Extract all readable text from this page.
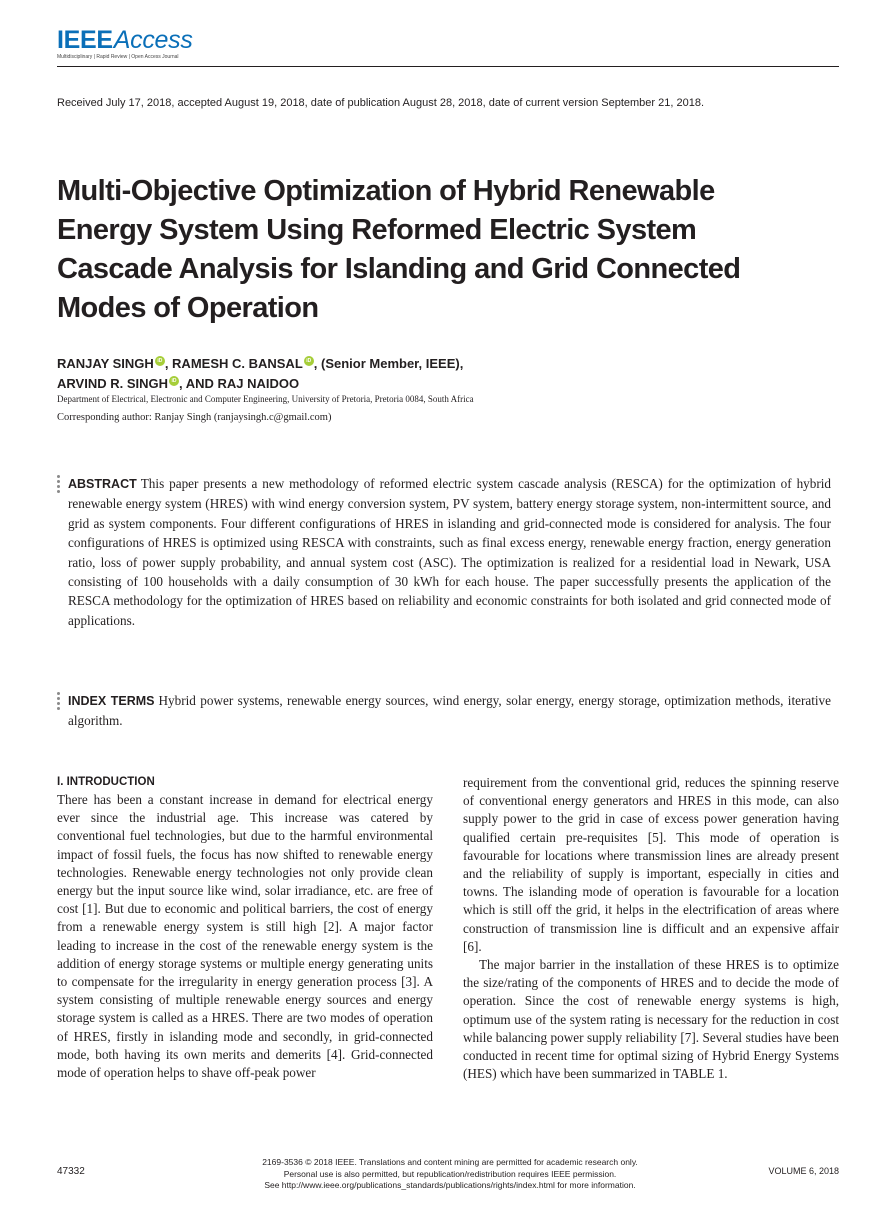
IEEEAccess
Multidisciplinary | Rapid Review | Open Access Journal
Received July 17, 2018, accepted August 19, 2018, date of publication August 28, 2018, date of current version September 21, 2018.
Multi-Objective Optimization of Hybrid Renewable Energy System Using Reformed Electric System Cascade Analysis for Islanding and Grid Connected Modes of Operation
RANJAY SINGH iD , RAMESH C. BANSAL iD , (Senior Member, IEEE),
ARVIND R. SINGH iD , AND RAJ NAIDOO
Department of Electrical, Electronic and Computer Engineering, University of Pretoria, Pretoria 0084, South Africa
Corresponding author: Ranjay Singh (ranjaysingh.c@gmail.com)
ABSTRACT This paper presents a new methodology of reformed electric system cascade analysis (RESCA) for the optimization of hybrid renewable energy system (HRES) with wind energy conversion system, PV system, battery energy storage system, non-intermittent source, and grid as system components. Four different configurations of HRES in islanding and grid-connected mode is considered for analysis. The four configurations of HRES is optimized using RESCA with constraints, such as final excess energy, renewable energy fraction, energy generation ratio, loss of power supply probability, and annual system cost (ASC). The optimization is realized for a residential load in Newark, USA consisting of 100 households with a daily consumption of 30 kWh for each house. The paper successfully presents the application of the RESCA methodology for the optimization of HRES based on reliability and economic constraints for both isolated and grid connected mode of applications.
INDEX TERMS Hybrid power systems, renewable energy sources, wind energy, solar energy, energy storage, optimization methods, iterative algorithm.
I. INTRODUCTION

There has been a constant increase in demand for electrical energy ever since the industrial age. This increase was catered by conventional fuel technologies, but due to the harmful environmental impact of fossil fuels, the focus has now shifted to renewable energy technologies. Renewable energy technologies not only provide clean energy but the input source like wind, solar irradiance, etc. are free of cost [1]. But due to economic and political barriers, the cost of energy from a renewable energy system is still high [2]. A major factor leading to increase in the cost of the renewable energy system is the addition of energy storage systems or multiple energy generating units to compensate for the irregularity in energy generation process [3]. A system consisting of multiple renewable energy sources and energy storage system is called as a HRES. There are two modes of operation of HRES, firstly in islanding mode and secondly, in grid-connected mode, both having its own merits and demerits [4]. Grid-connected mode of operation helps to shave off-peak power

requirement from the conventional grid, reduces the spinning reserve of conventional energy generators and HRES in this mode, can also supply power to the grid in case of excess power generation having qualified certain pre-requisites [5]. This mode of operation is favourable for locations where transmission lines are already present and the reliability of supply is important, especially in cities and towns. The islanding mode of operation is favourable for a location which is still off the grid, it helps in the electrification of areas where construction of transmission line is difficult and an expensive affair [6].

The major barrier in the installation of these HRES is to optimize the size/rating of the components of HRES and to decide the mode of operation. Since the cost of renewable energy systems is high, optimum use of the system rating is necessary for the reduction in cost while balancing power supply reliability [7]. Several studies have been conducted in recent time for optimal sizing of Hybrid Energy Systems (HES) which have been summarized in TABLE 1.

2169-3536 © 2018 IEEE. Translations and content mining are permitted for academic research only.
Personal use is also permitted, but republication/redistribution requires IEEE permission.
See http://www.ieee.org/publications_standards/publications/rights/index.html for more information.
47332	VOLUME 6, 2018
